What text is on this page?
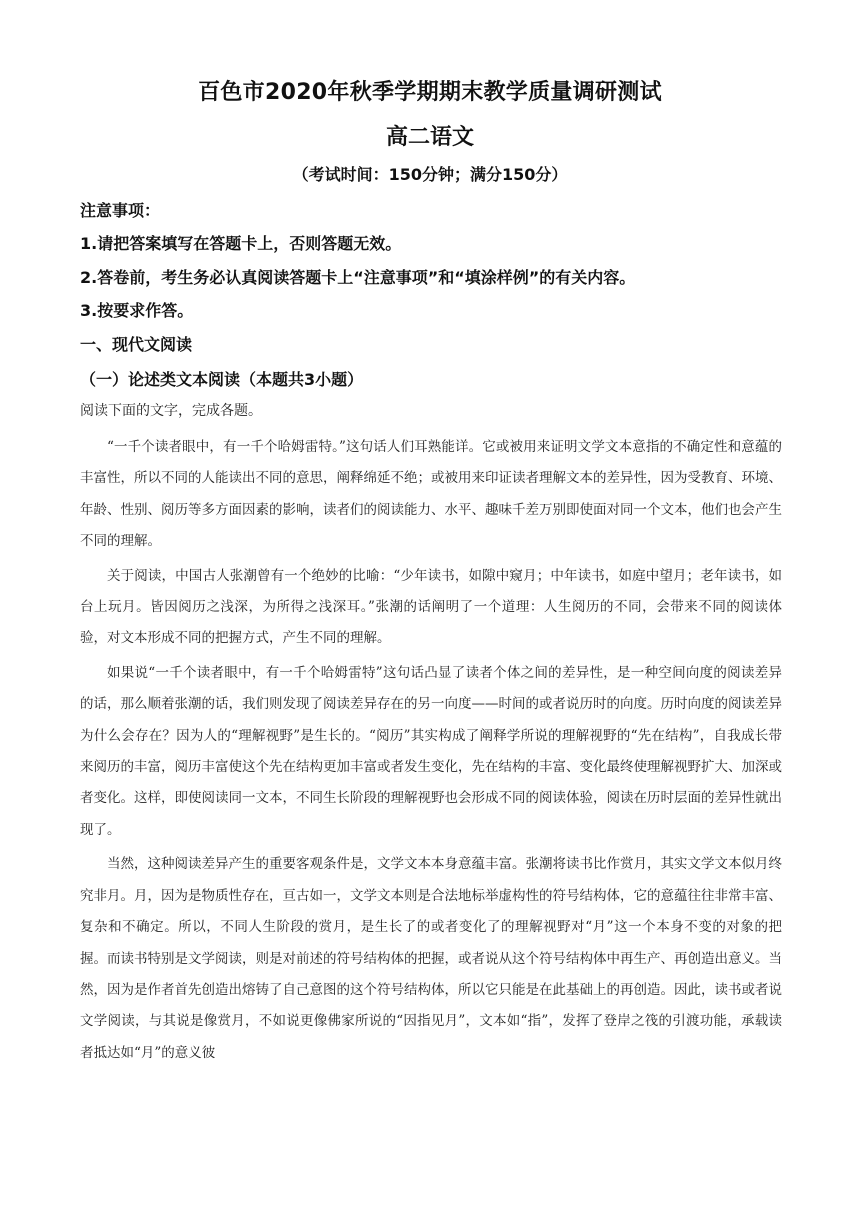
百色市2020年秋季学期期末教学质量调研测试
高二语文
（考试时间：150分钟；满分150分）
注意事项：
1.请把答案填写在答题卡上，否则答题无效。
2.答卷前，考生务必认真阅读答题卡上“注意事项”和“填涂样例”的有关内容。
3.按要求作答。
一、现代文阅读
（一）论述类文本阅读（本题共3小题）
阅读下面的文字，完成各题。

“一千个读者眼中，有一千个哈姆雷特。”这句话人们耳熟能详。它或被用来证明文学文本意指的不确定性和意蕴的丰富性，所以不同的人能读出不同的意思，阐释绵延不绝；或被用来印证读者理解文本的差异性，因为受教育、环境、年龄、性别、阅历等多方面因素的影响，读者们的阅读能力、水平、趣味千差万别即使面对同一个文本，他们也会产生不同的理解。

关于阅读，中国古人张潮曾有一个绝妙的比喻：“少年读书，如隙中窥月；中年读书，如庭中望月；老年读书，如台上玩月。皆因阅历之浅深，为所得之浅深耳。”张潮的话阐明了一个道理：人生阅历的不同，会带来不同的阅读体验，对文本形成不同的把握方式，产生不同的理解。

如果说“一千个读者眼中，有一千个哈姆雷特”这句话凸显了读者个体之间的差异性，是一种空间向度的阅读差异的话，那么顺着张潮的话，我们则发现了阅读差异存在的另一向度——时间的或者说历时的向度。历时向度的阅读差异为什么会存在？因为人的“理解视野”是生长的。“阅历”其实构成了阐释学所说的理解视野的“先在结构”，自我成长带来阅历的丰富，阅历丰富使这个先在结构更加丰富或者发生变化，先在结构的丰富、变化最终使理解视野扩大、加深或者变化。这样，即使阅读同一文本，不同生长阶段的理解视野也会形成不同的阅读体验，阅读在历时层面的差异性就出现了。

当然，这种阅读差异产生的重要客观条件是，文学文本本身意蕴丰富。张潮将读书比作赏月，其实文学文本似月终究非月。月，因为是物质性存在，亘古如一，文学文本则是合法地标举虚构性的符号结构体，它的意蕴往往非常丰富、复杂和不确定。所以，不同人生阶段的赏月，是生长了的或者变化了的理解视野对“月”这一个本身不变的对象的把握。而读书特别是文学阅读，则是对前述的符号结构体的把握，或者说从这个符号结构体中再生产、再创造出意义。当然，因为是作者首先创造出熔铸了自己意图的这个符号结构体，所以它只能是在此基础上的再创造。因此，读书或者说文学阅读，与其说是像赏月，不如说更像佛家所说的“因指见月”，文本如“指”，发挥了登岸之筏的引渡功能，承载读者抵达如“月”的意义彼
